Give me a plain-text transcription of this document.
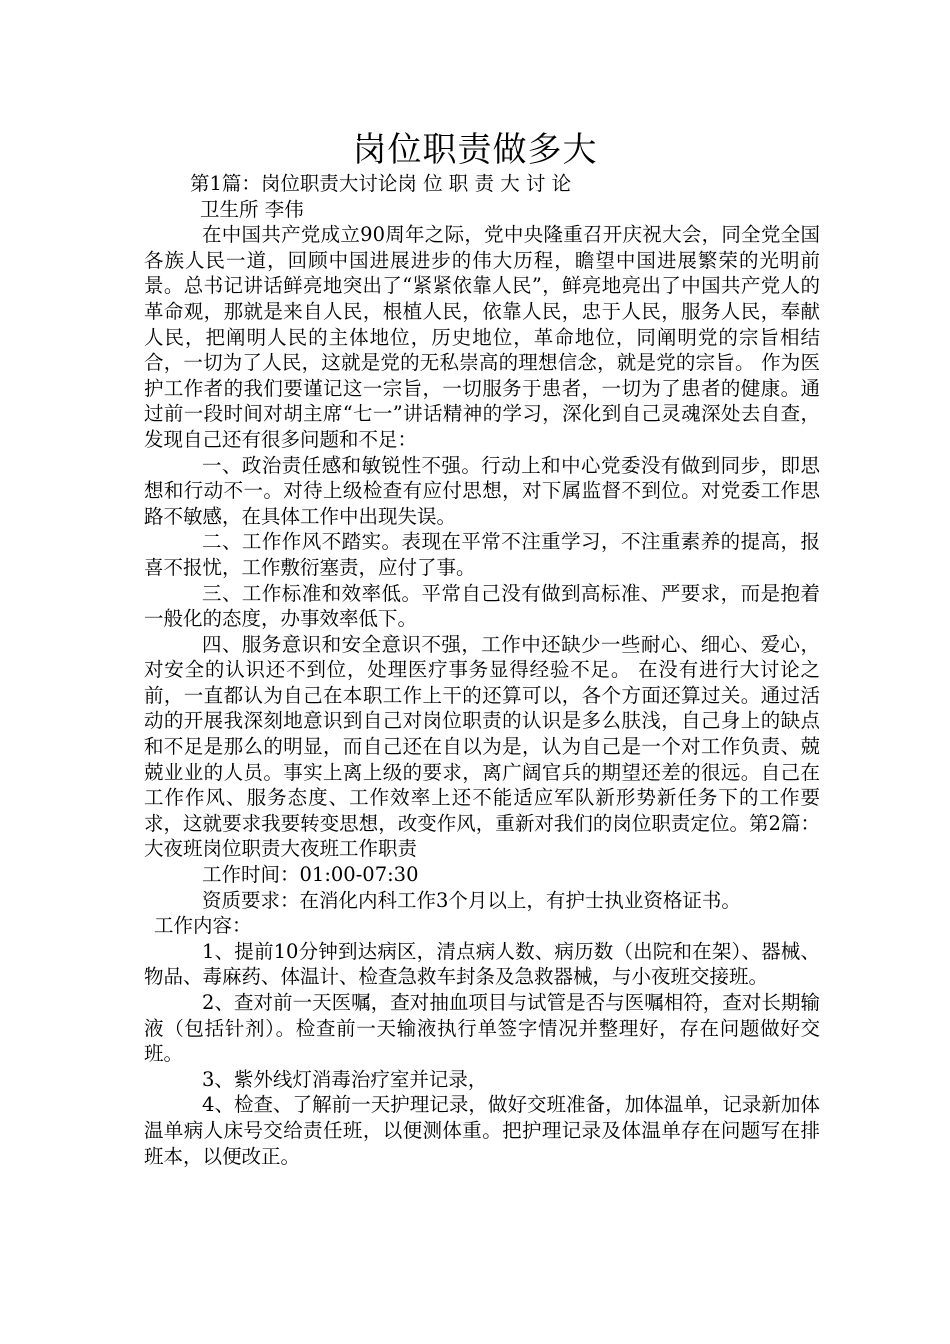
岗位职责做多大

第1篇：岗位职责大讨论岗 位 职 责 大 讨 论

卫生所 李伟

在中国共产党成立90周年之际，党中央隆重召开庆祝大会，同全党全国各族人民一道，回顾中国进展进步的伟大历程，瞻望中国进展繁荣的光明前景。总书记讲话鲜亮地突出了“紧紧依靠人民”，鲜亮地亮出了中国共产党人的革命观，那就是来自人民，根植人民，依靠人民，忠于人民，服务人民，奉献人民，把阐明人民的主体地位，历史地位，革命地位，同阐明党的宗旨相结合，一切为了人民，这就是党的无私崇高的理想信念，就是党的宗旨。 作为医护工作者的我们要谨记这一宗旨，一切服务于患者，一切为了患者的健康。通过前一段时间对胡主席“七一”讲话精神的学习，深化到自己灵魂深处去自查，发现自己还有很多问题和不足：

一、政治责任感和敏锐性不强。行动上和中心党委没有做到同步，即思想和行动不一。对待上级检查有应付思想，对下属监督不到位。对党委工作思路不敏感，在具体工作中出现失误。

二、工作作风不踏实。表现在平常不注重学习，不注重素养的提高，报喜不报忧，工作敷衍塞责，应付了事。

三、工作标准和效率低。平常自己没有做到高标准、严要求，而是抱着一般化的态度，办事效率低下。

四、服务意识和安全意识不强，工作中还缺少一些耐心、细心、爱心，对安全的认识还不到位，处理医疗事务显得经验不足。 在没有进行大讨论之前，一直都认为自己在本职工作上干的还算可以，各个方面还算过关。通过活动的开展我深刻地意识到自己对岗位职责的认识是多么肤浅，自己身上的缺点和不足是那么的明显，而自己还在自以为是，认为自己是一个对工作负责、兢兢业业的人员。事实上离上级的要求，离广阔官兵的期望还差的很远。自己在工作作风、服务态度、工作效率上还不能适应军队新形势新任务下的工作要求，这就要求我要转变思想，改变作风，重新对我们的岗位职责定位。第2篇：大夜班岗位职责大夜班工作职责

工作时间：01:00-07:30

资质要求：在消化内科工作3个月以上，有护士执业资格证书。

工作内容：

1、提前10分钟到达病区，清点病人数、病历数（出院和在架）、器械、物品、毒麻药、体温计、检查急救车封条及急救器械，与小夜班交接班。

2、查对前一天医嘱，查对抽血项目与试管是否与医嘱相符，查对长期输液（包括针剂）。检查前一天输液执行单签字情况并整理好，存在问题做好交班。

3、紫外线灯消毒治疗室并记录，

4、检查、了解前一天护理记录，做好交班准备，加体温单，记录新加体温单病人床号交给责任班，以便测体重。把护理记录及体温单存在问题写在排班本，以便改正。
